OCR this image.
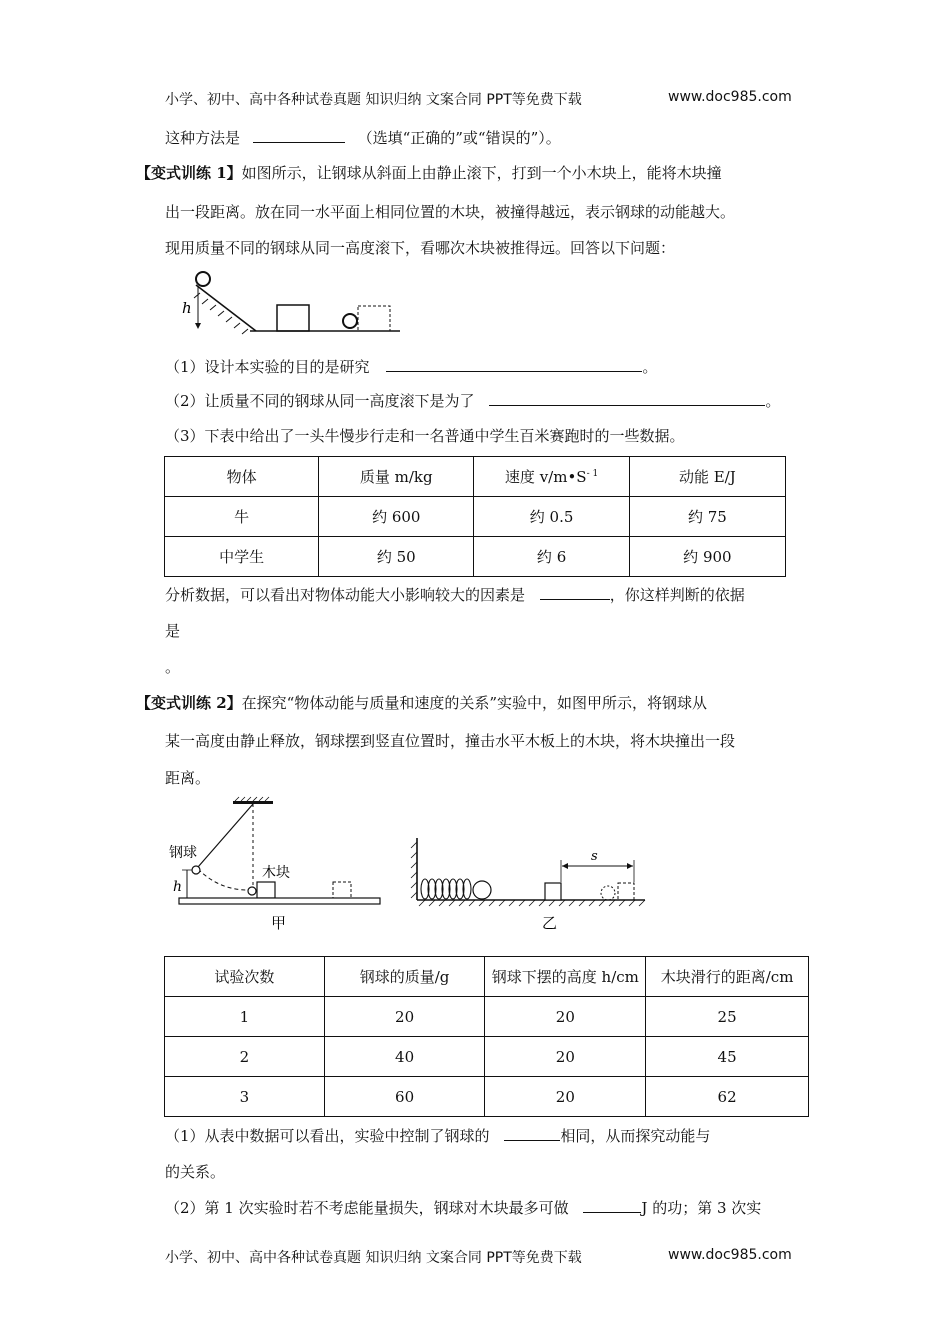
小学、初中、高中各种试卷真题 知识归纳 文案合同 PPT等免费下载	www.doc985.com
这种方法是	（选填“正确的”或“错误的”）。
【变式训练 1】如图所示，让钢球从斜面上由静止滚下，打到一个小木块上，能将木块撞
出一段距离。放在同一水平面上相同位置的木块，被撞得越远，表示钢球的动能越大。
现用质量不同的钢球从同一高度滚下，看哪次木块被推得远。回答以下问题：
h
（1）设计本实验的目的是研究	。
（2）让质量不同的钢球从同一高度滚下是为了	。
（3）下表中给出了一头牛慢步行走和一名普通中学生百米赛跑时的一些数据。
物体	质量 m/kg	速度 $v/m•S^{- 1}$	动能 E/J
牛	约 600	约 0.5	约 75
中学生	约 50	约 6	约 900
分析数据，可以看出对物体动能大小影响较大的因素是	，你这样判断的依据
是
。
【变式训练 2】在探究“物体动能与质量和速度的关系”实验中，如图甲所示，将钢球从
某一高度由静止释放，钢球摆到竖直位置时，撞击水平木板上的木块，将木块撞出一段
距离。
钢球
木块
h
甲
s
乙
试验次数	钢球的质量/g	钢球下摆的高度 h/cm	木块滑行的距离/cm
1	20	20	25
2	40	20	45
3	60	20	62
（1）从表中数据可以看出，实验中控制了钢球的	相同，从而探究动能与
的关系。
（2）第 1 次实验时若不考虑能量损失，钢球对木块最多可做	J 的功；第 3 次实
小学、初中、高中各种试卷真题 知识归纳 文案合同 PPT等免费下载	www.doc985.com
